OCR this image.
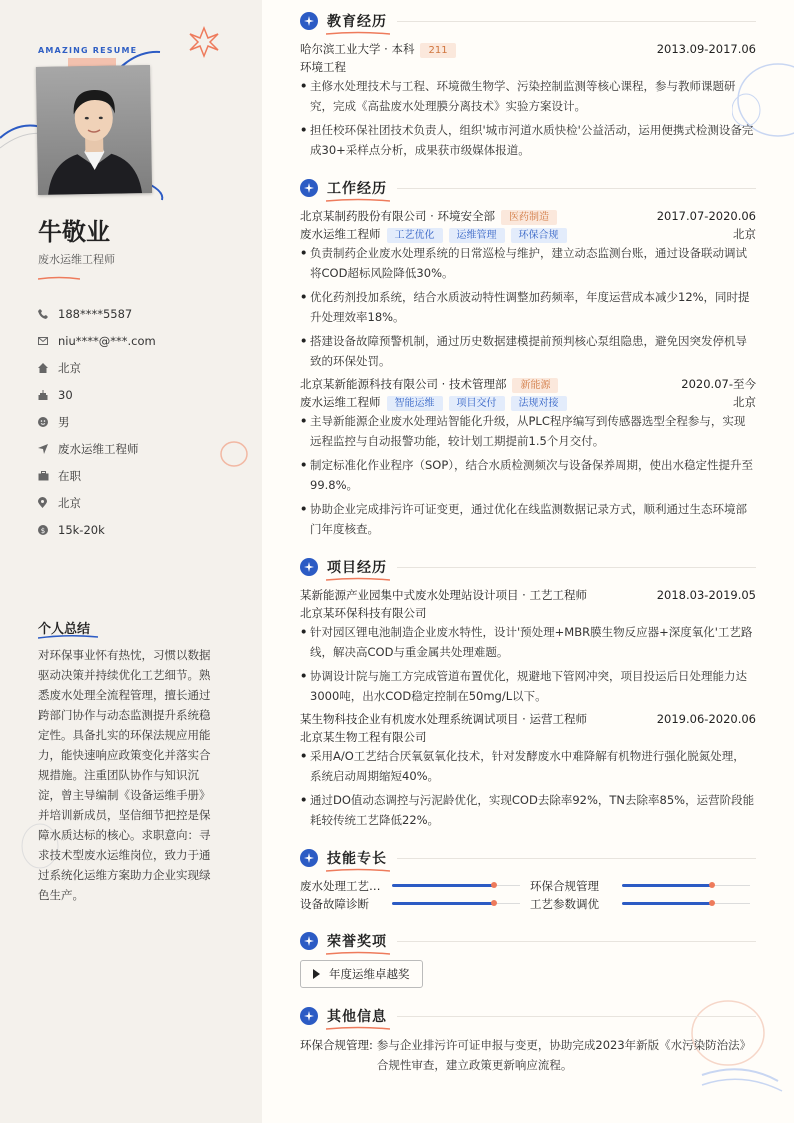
AMAZING RESUME
牛敬业
废水运维工程师
188****5587
niu****@***.com
北京
30
男
废水运维工程师
在职
北京
$ 15k-20k
个人总结
对环保事业怀有热忱，习惯以数据驱动决策并持续优化工艺细节。熟悉废水处理全流程管理，擅长通过跨部门协作与动态监测提升系统稳定性。具备扎实的环保法规应用能力，能快速响应政策变化并落实合规措施。注重团队协作与知识沉淀，曾主导编制《设备运维手册》并培训新成员，坚信细节把控是保障水质达标的核心。求职意向：寻求技术型废水运维岗位，致力于通过系统化运维方案助力企业实现绿色生产。
教育经历
哈尔滨工业大学 · 本科 211	2013.09-2017.06
环境工程
• 主修水处理技术与工程、环境微生物学、污染控制监测等核心课程，参与教师课题研究，完成《高盐废水处理膜分离技术》实验方案设计。
• 担任校环保社团技术负责人，组织'城市河道水质快检'公益活动，运用便携式检测设备完成30+采样点分析，成果获市级媒体报道。
工作经历
北京某制药股份有限公司 · 环境安全部 医药制造	2017.07-2020.06
废水运维工程师 工艺优化 运维管理 环保合规	北京
• 负责制药企业废水处理系统的日常巡检与维护，建立动态监测台账，通过设备联动调试将COD超标风险降低30%。
• 优化药剂投加系统，结合水质波动特性调整加药频率，年度运营成本减少12%，同时提升处理效率18%。
• 搭建设备故障预警机制，通过历史数据建模提前预判核心泵组隐患，避免因突发停机导致的环保处罚。
北京某新能源科技有限公司 · 技术管理部 新能源	2020.07-至今
废水运维工程师 智能运维 项目交付 法规对接	北京
• 主导新能源企业废水处理站智能化升级，从PLC程序编写到传感器选型全程参与，实现远程监控与自动报警功能，较计划工期提前1.5个月交付。
• 制定标准化作业程序（SOP），结合水质检测频次与设备保养周期，使出水稳定性提升至99.8%。
• 协助企业完成排污许可证变更，通过优化在线监测数据记录方式，顺利通过生态环境部门年度核查。
项目经历
某新能源产业园集中式废水处理站设计项目 · 工艺工程师	2018.03-2019.05
北京某环保科技有限公司
• 针对园区锂电池制造企业废水特性，设计'预处理+MBR膜生物反应器+深度氧化'工艺路线，解决高COD与重金属共处理难题。
• 协调设计院与施工方完成管道布置优化，规避地下管网冲突，项目投运后日处理能力达3000吨，出水COD稳定控制在50mg/L以下。
某生物科技企业有机废水处理系统调试项目 · 运营工程师	2019.06-2020.06
北京某生物工程有限公司
• 采用A/O工艺结合厌氧氨氧化技术，针对发酵废水中难降解有机物进行强化脱氮处理，系统启动周期缩短40%。
• 通过DO值动态调控与污泥龄优化，实现COD去除率92%，TN去除率85%，运营阶段能耗较传统工艺降低22%。
技能专长
废水处理工艺…	环保合规管理
设备故障诊断	工艺参数调优
荣誉奖项
年度运维卓越奖
其他信息
环保合规管理: 参与企业排污许可证申报与变更，协助完成2023年新版《水污染防治法》合规性审查，建立政策更新响应流程。
